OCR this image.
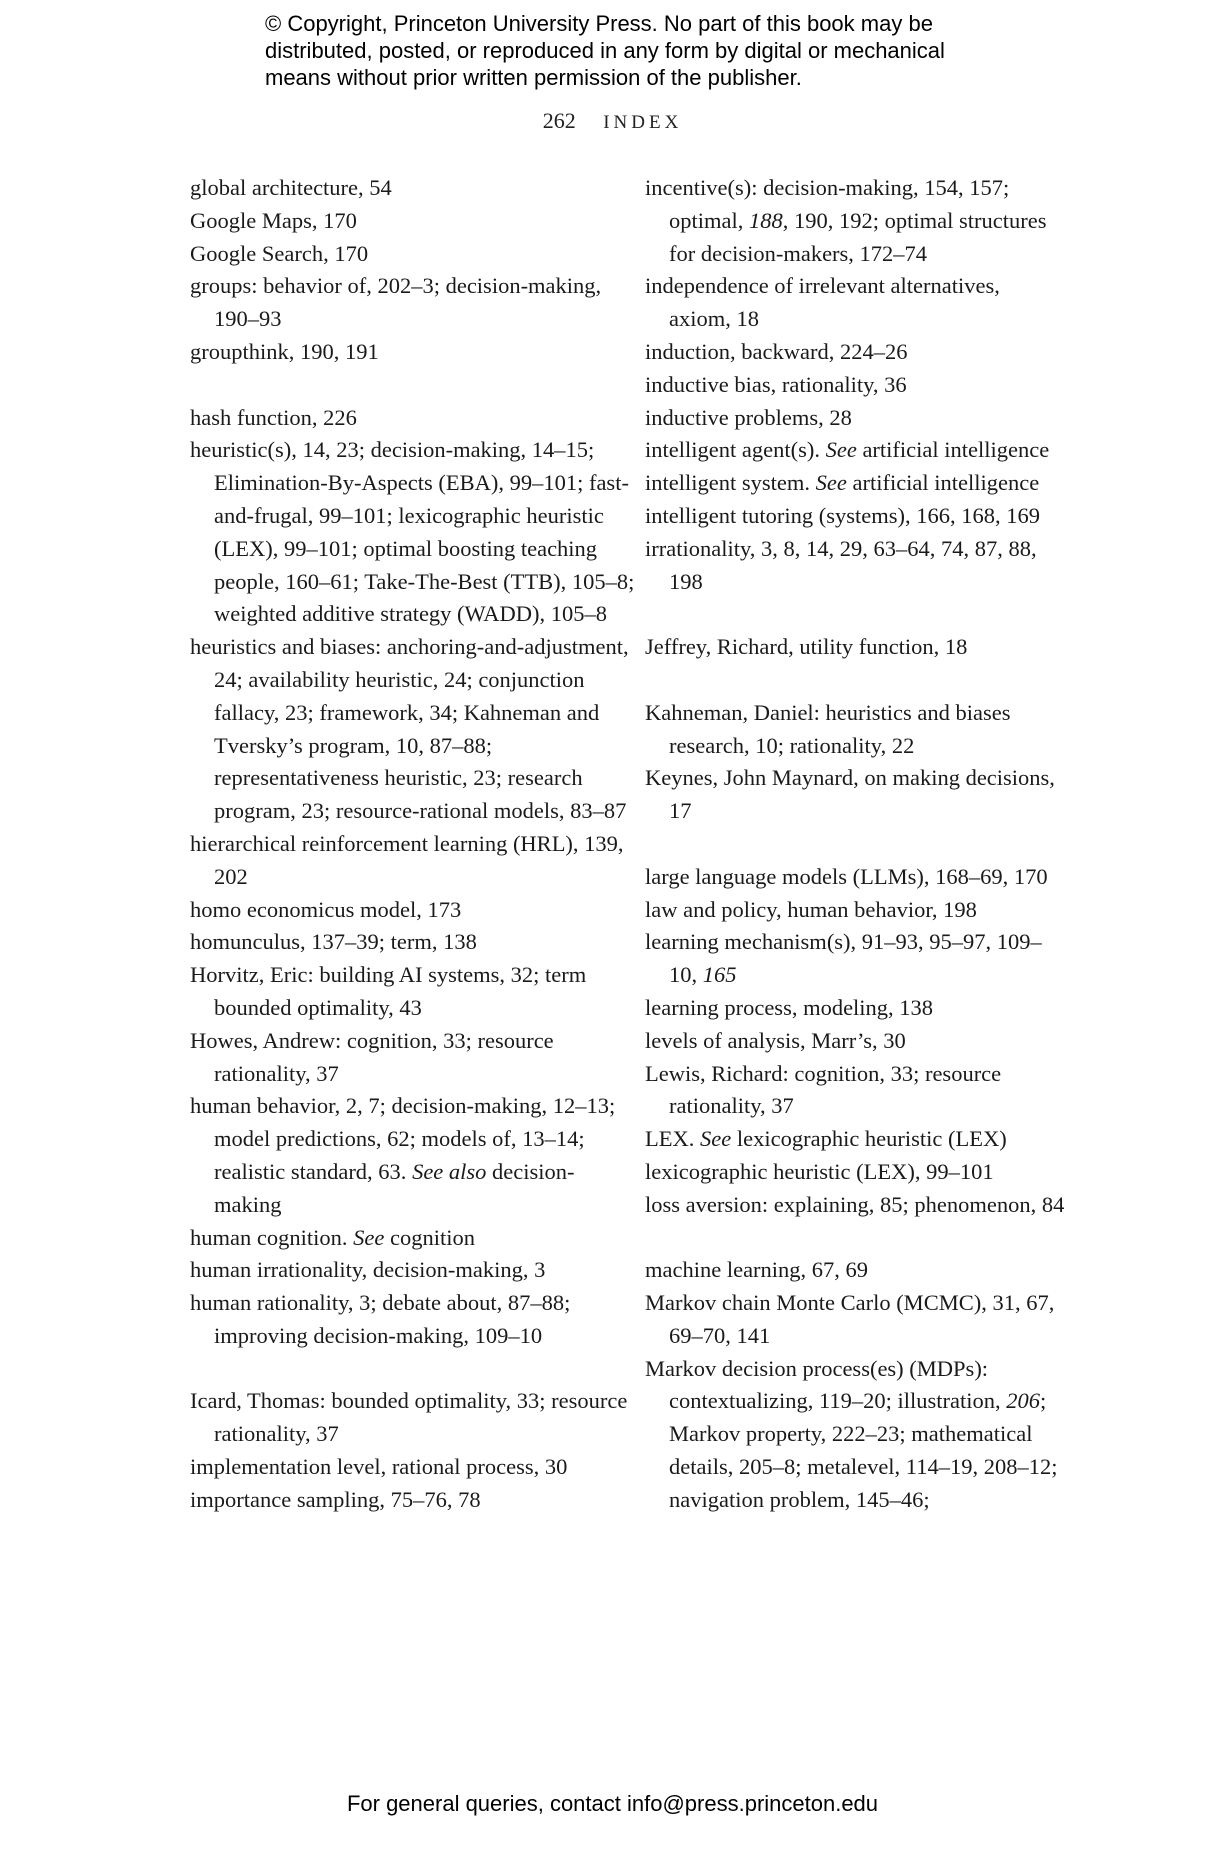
© Copyright, Princeton University Press. No part of this book may be
distributed, posted, or reproduced in any form by digital or mechanical
means without prior written permission of the publisher.
262 INDEX

global architecture, 54

Google Maps, 170

Google Search, 170

groups: behavior of, 202–3; decision-making, 190–93

groupthink, 190, 191

hash function, 226

heuristic(s), 14, 23; decision-making, 14–15; Elimination-By-Aspects (EBA), 99–101; fast-and-frugal, 99–101; lexicographic heuristic (LEX), 99–101; optimal boosting teaching people, 160–61; Take-The-Best (TTB), 105–8; weighted additive strategy (WADD), 105–8

heuristics and biases: anchoring-and-adjustment, 24; availability heuristic, 24; conjunction fallacy, 23; framework, 34; Kahneman and Tversky’s program, 10, 87–88; representativeness heuristic, 23; research program, 23; resource-rational models, 83–87

hierarchical reinforcement learning (HRL), 139, 202

homo economicus model, 173

homunculus, 137–39; term, 138

Horvitz, Eric: building AI systems, 32; term bounded optimality, 43

Howes, Andrew: cognition, 33; resource rationality, 37

human behavior, 2, 7; decision-making, 12–13; model predictions, 62; models of, 13–14; realistic standard, 63. See also decision-making

human cognition. See cognition

human irrationality, decision-making, 3

human rationality, 3; debate about, 87–88; improving decision-making, 109–10

Icard, Thomas: bounded optimality, 33; resource rationality, 37

implementation level, rational process, 30

importance sampling, 75–76, 78

incentive(s): decision-making, 154, 157; optimal, 188, 190, 192; optimal structures for decision-makers, 172–74

independence of irrelevant alternatives, axiom, 18

induction, backward, 224–26

inductive bias, rationality, 36

inductive problems, 28

intelligent agent(s). See artificial intelligence

intelligent system. See artificial intelligence

intelligent tutoring (systems), 166, 168, 169

irrationality, 3, 8, 14, 29, 63–64, 74, 87, 88, 198

Jeffrey, Richard, utility function, 18

Kahneman, Daniel: heuristics and biases research, 10; rationality, 22

Keynes, John Maynard, on making decisions, 17

large language models (LLMs), 168–69, 170

law and policy, human behavior, 198

learning mechanism(s), 91–93, 95–97, 109–10, 165

learning process, modeling, 138

levels of analysis, Marr’s, 30

Lewis, Richard: cognition, 33; resource rationality, 37

LEX. See lexicographic heuristic (LEX)

lexicographic heuristic (LEX), 99–101

loss aversion: explaining, 85; phenomenon, 84

machine learning, 67, 69

Markov chain Monte Carlo (MCMC), 31, 67, 69–70, 141

Markov decision process(es) (MDPs): contextualizing, 119–20; illustration, 206; Markov property, 222–23; mathematical details, 205–8; metalevel, 114–19, 208–12; navigation problem, 145–46;

For general queries, contact info@press.princeton.edu
